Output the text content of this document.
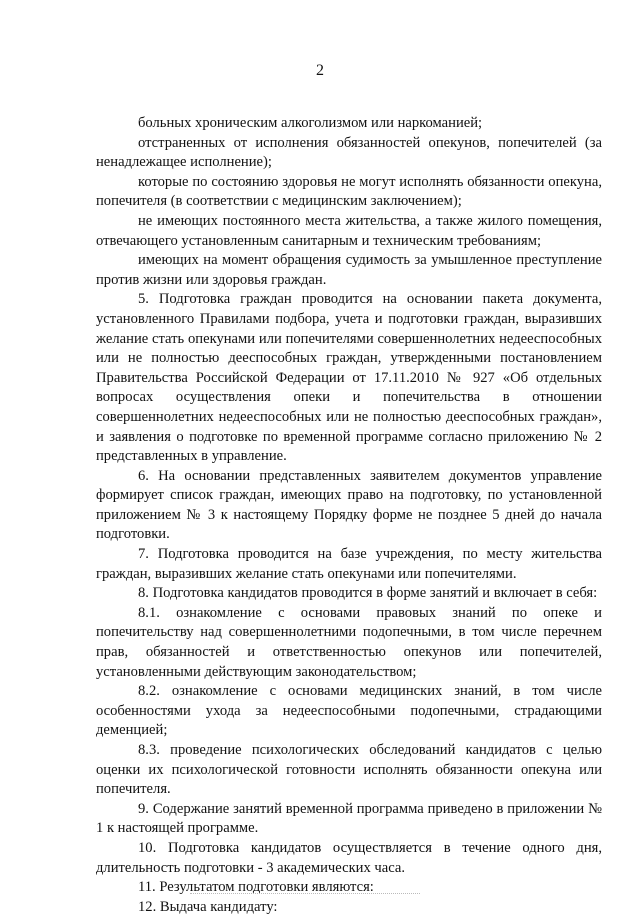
2

больных хроническим алкоголизмом или наркоманией;

отстраненных от исполнения обязанностей опекунов, попечителей (за ненадлежащее исполнение);

которые по состоянию здоровья не могут исполнять обязанности опекуна, попечителя (в соответствии с медицинским заключением);

не имеющих постоянного места жительства, а также жилого помещения, отвечающего установленным санитарным и техническим требованиям;

имеющих на момент обращения судимость за умышленное преступление против жизни или здоровья граждан.

5. Подготовка граждан проводится на основании пакета документа, установленного Правилами подбора, учета и подготовки граждан, выразивших желание стать опекунами или попечителями совершеннолетних недееспособных или не полностью дееспособных граждан, утвержденными постановлением Правительства Российской Федерации от 17.11.2010 № 927 «Об отдельных вопросах осуществления опеки и попечительства в отношении совершеннолетних недееспособных или не полностью дееспособных граждан», и заявления о подготовке по временной программе согласно приложению № 2 представленных в управление.

6. На основании представленных заявителем документов управление формирует список граждан, имеющих право на подготовку, по установленной приложением № 3 к настоящему Порядку форме не позднее 5 дней до начала подготовки.

7. Подготовка проводится на базе учреждения, по месту жительства граждан, выразивших желание стать опекунами или попечителями.

8. Подготовка кандидатов проводится в форме занятий и включает в себя:

8.1. ознакомление с основами правовых знаний по опеке и попечительству над совершеннолетними подопечными, в том числе перечнем прав, обязанностей и ответственностью опекунов или попечителей, установленными действующим законодательством;

8.2. ознакомление с основами медицинских знаний, в том числе особенностями ухода за недееспособными подопечными, страдающими деменцией;

8.3. проведение психологических обследований кандидатов с целью оценки их психологической готовности исполнять обязанности опекуна или попечителя.

9. Содержание занятий временной программа приведено в приложении № 1 к настоящей программе.

10. Подготовка кандидатов осуществляется в течение одного дня, длительность подготовки - 3 академических часа.

11. Результатом подготовки являются:

12. Выдача кандидату:
